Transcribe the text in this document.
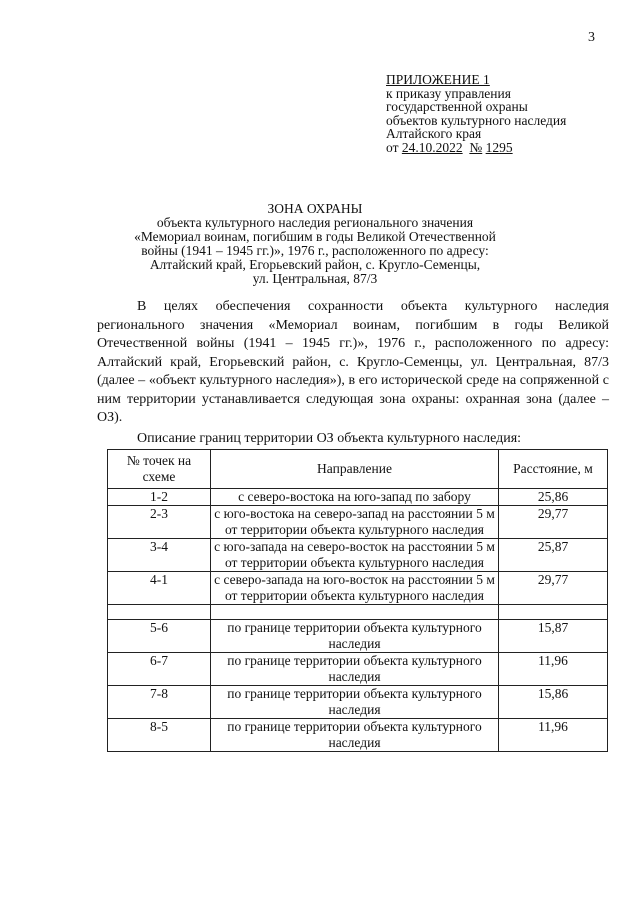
3
ПРИЛОЖЕНИЕ 1
к приказу управления
государственной охраны
объектов культурного наследия
Алтайского края
от 24.10.2022 № 1295
ЗОНА ОХРАНЫ
объекта культурного наследия регионального значения
«Мемориал воинам, погибшим в годы Великой Отечественной
войны (1941 – 1945 гг.)», 1976 г., расположенного по адресу:
Алтайский край, Егорьевский район, с. Кругло-Семенцы,
ул. Центральная, 87/3

В целях обеспечения сохранности объекта культурного наследия регионального значения «Мемориал воинам, погибшим в годы Великой Отечественной войны (1941 – 1945 гг.)», 1976 г., расположенного по адресу: Алтайский край, Егорьевский район, с. Кругло-Семенцы, ул. Центральная, 87/3 (далее – «объект культурного наследия»), в его исторической среде на сопряженной с ним территории устанавливается следующая зона охраны: охранная зона (далее – ОЗ).

Описание границ территории ОЗ объекта культурного наследия:

№ точек на схеме	Направление	Расстояние, м
1-2	с северо-востока на юго-запад по забору	25,86
2-3	с юго-востока на северо-запад на расстоянии 5 м от территории объекта культурного наследия	29,77
3-4	с юго-запада на северо-восток на расстоянии 5 м от территории объекта культурного наследия	25,87
4-1	с северо-запада на юго-восток на расстоянии 5 м от территории объекта культурного наследия	29,77

5-6	по границе территории объекта культурного наследия	15,87
6-7	по границе территории объекта культурного наследия	11,96
7-8	по границе территории объекта культурного наследия	15,86
8-5	по границе территории объекта культурного наследия	11,96
